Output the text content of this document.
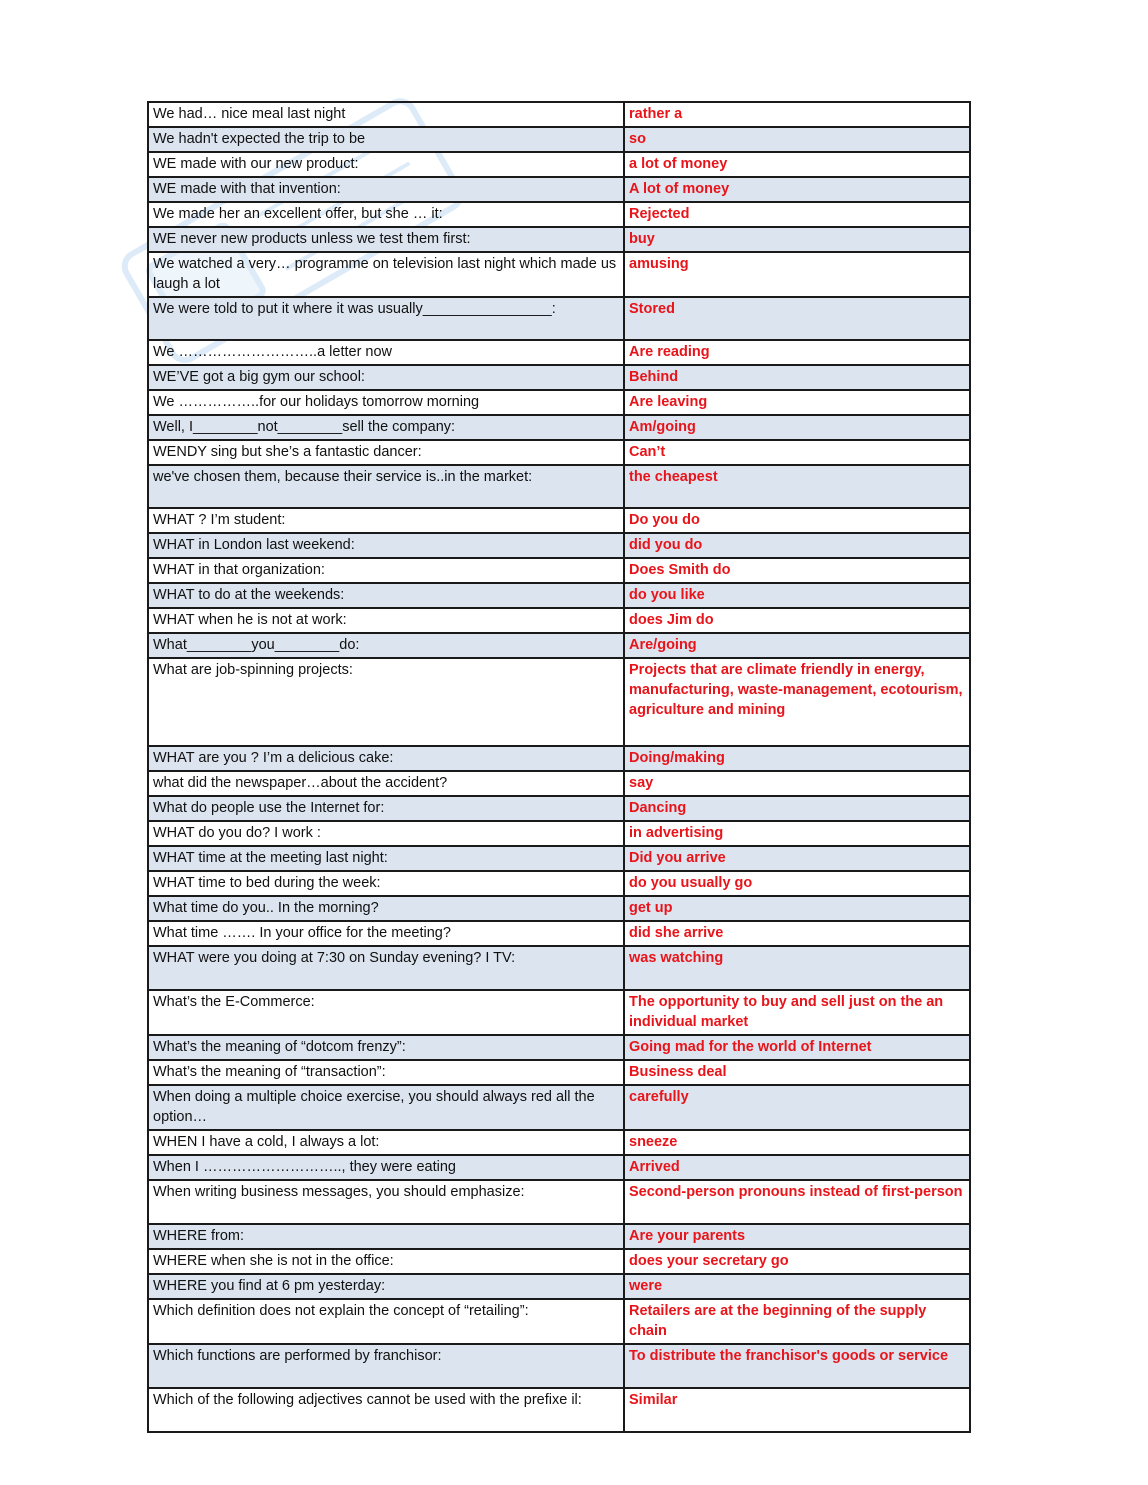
We had… nice meal last night	rather a
We hadn't expected the trip to be	so
WE made with our new product:	a lot of money
WE made with that invention:	A lot of money
We made her an excellent offer, but she … it:	Rejected
WE never new products unless we test them first:	buy
We watched a very… programme on television last night which made us laugh a lot	amusing
We were told to put it where it was usually________________:	Stored
We ………………………..a letter now	Are reading
WE’VE got a big gym our school:	Behind
We ……………..for our holidays tomorrow morning	Are leaving
Well, I________not________sell the company:	Am/going
WENDY sing but she’s a fantastic dancer:	Can’t
we've chosen them, because their service is..in the market:	the cheapest
WHAT ? I’m student:	Do you do
WHAT in London last weekend:	did you do
WHAT in that organization:	Does Smith do
WHAT to do at the weekends:	do you like
WHAT when he is not at work:	does Jim do
What________you________do:	Are/going
What are job-spinning projects:	Projects that are climate friendly in energy, manufacturing, waste-management, ecotourism, agriculture and mining
WHAT are you ? I’m a delicious cake:	Doing/making
what did the newspaper…about the accident?	say
What do people use the Internet for:	Dancing
WHAT do you do? I work :	in advertising
WHAT time at the meeting last night:	Did you arrive
WHAT time to bed during the week:	do you usually go
What time do you.. In the morning?	get up
What time ……. In your office for the meeting?	did she arrive
WHAT were you doing at 7:30 on Sunday evening? I TV:	was watching
What’s the E-Commerce:	The opportunity to buy and sell just on the an individual market
What’s the meaning of “dotcom frenzy”:	Going mad for the world of Internet
What’s the meaning of “transaction”:	Business deal
When doing a multiple choice exercise, you should always red all the option…	carefully
WHEN I have a cold, I always a lot:	sneeze
When I ……………………….., they were eating	Arrived
When writing business messages, you should emphasize:	Second-person pronouns instead of first-person
WHERE from:	Are your parents
WHERE when she is not in the office:	does your secretary go
WHERE you find at 6 pm yesterday:	were
Which definition does not explain the concept of “retailing”:	Retailers are at the beginning of the supply chain
Which functions are performed by franchisor:	To distribute the franchisor's goods or service
Which of the following adjectives cannot be used with the prefixe il:	Similar
